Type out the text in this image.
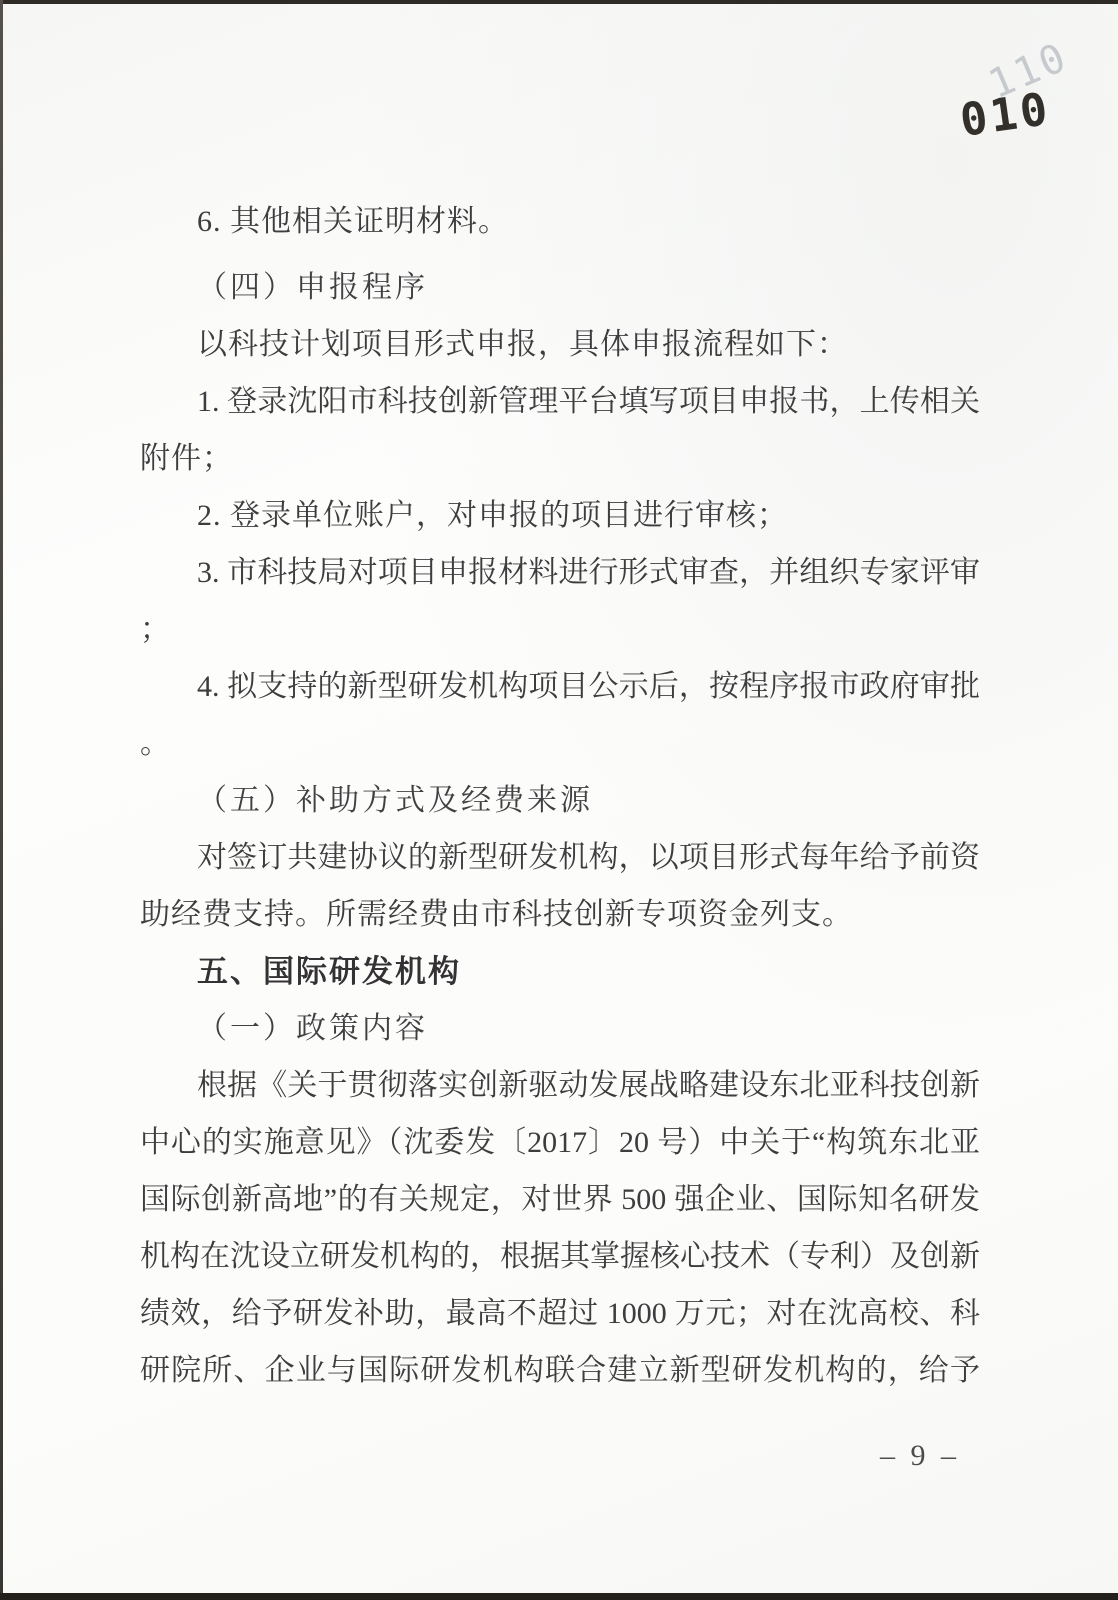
110
010
6. 其他相关证明材料。
（四）申报程序
以科技计划项目形式申报，具体申报流程如下：
1. 登录沈阳市科技创新管理平台填写项目申报书，上传相关
附件；
2. 登录单位账户，对申报的项目进行审核；
3. 市科技局对项目申报材料进行形式审查，并组织专家评审
；
4. 拟支持的新型研发机构项目公示后，按程序报市政府审批
。
（五）补助方式及经费来源
对签订共建协议的新型研发机构，以项目形式每年给予前资
助经费支持。所需经费由市科技创新专项资金列支。
五、国际研发机构
（一）政策内容
根据《关于贯彻落实创新驱动发展战略建设东北亚科技创新
中心的实施意见》（沈委发〔2017〕20 号）中关于“构筑东北亚
国际创新高地”的有关规定，对世界 500 强企业、国际知名研发
机构在沈设立研发机构的，根据其掌握核心技术（专利）及创新
绩效，给予研发补助，最高不超过 1000 万元；对在沈高校、科
研院所、企业与国际研发机构联合建立新型研发机构的，给予
– 9 –
